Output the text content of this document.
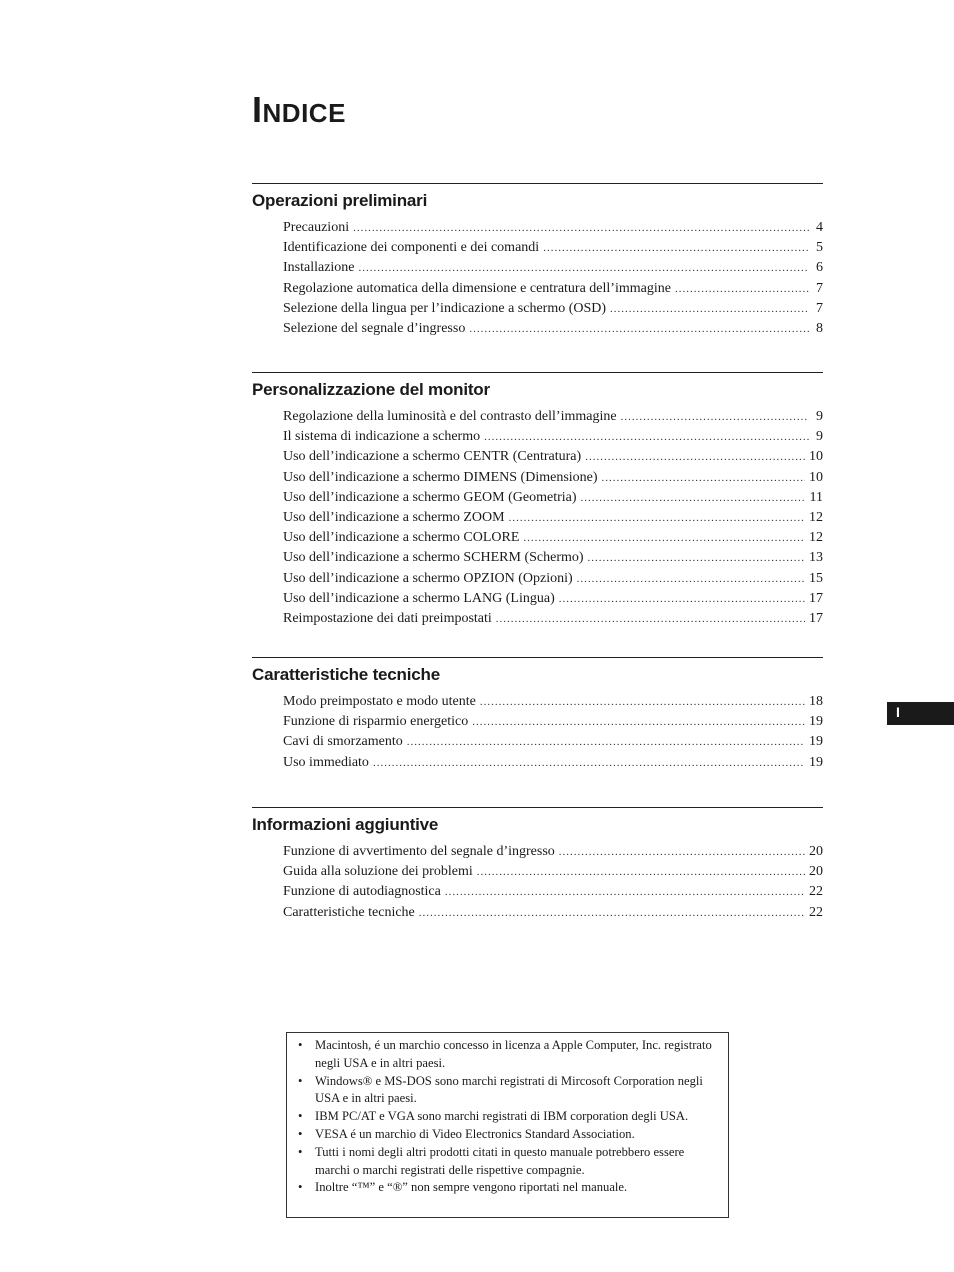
INDICE
Operazioni preliminari
Precauzioni .....	4
Identificazione dei componenti e dei comandi .....	5
Installazione .....	6
Regolazione automatica della dimensione e centratura dell’immagine .....	7
Selezione della lingua per l’indicazione a schermo (OSD) .....	7
Selezione del segnale d’ingresso .....	8
Personalizzazione del monitor
Regolazione della luminosità e del contrasto dell’immagine .....	9
Il sistema di indicazione a schermo .....	9
Uso dell’indicazione a schermo CENTR (Centratura) .....	10
Uso dell’indicazione a schermo DIMENS (Dimensione) .....	10
Uso dell’indicazione a schermo GEOM (Geometria) .....	11
Uso dell’indicazione a schermo ZOOM .....	12
Uso dell’indicazione a schermo COLORE .....	12
Uso dell’indicazione a schermo SCHERM (Schermo) .....	13
Uso dell’indicazione a schermo OPZION (Opzioni) .....	15
Uso dell’indicazione a schermo LANG (Lingua) .....	17
Reimpostazione dei dati preimpostati .....	17
Caratteristiche tecniche
Modo preimpostato e modo utente .....	18
Funzione di risparmio energetico .....	19
Cavi di smorzamento .....	19
Uso immediato .....	19
Informazioni aggiuntive
Funzione di avvertimento del segnale d’ingresso .....	20
Guida alla soluzione dei problemi .....	20
Funzione di autodiagnostica .....	22
Caratteristiche tecniche .....	22
I
• Macintosh, é un marchio concesso in licenza a Apple Computer, Inc. registrato negli USA e in altri paesi.
• Windows® e MS-DOS sono marchi registrati di Mircosoft Corporation negli USA e in altri paesi.
• IBM PC/AT e VGA sono marchi registrati di IBM corporation degli USA.
• VESA é un marchio di Video Electronics Standard Association.
• Tutti i nomi degli altri prodotti citati in questo manuale potrebbero essere marchi o marchi registrati delle rispettive compagnie.
• Inoltre “™” e “®” non sempre vengono riportati nel manuale.
